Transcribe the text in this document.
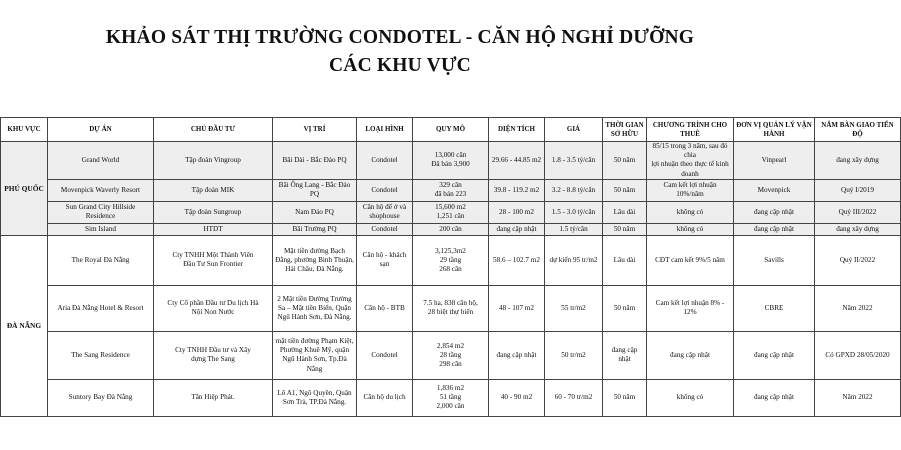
KHẢO SÁT THỊ TRƯỜNG CONDOTEL - CĂN HỘ NGHỈ DƯỠNG
CÁC KHU VỰC
KHU VỰC	DỰ ÁN	CHỦ ĐẦU TƯ	VỊ TRÍ	LOẠI HÌNH	QUY MÔ	DIỆN TÍCH	GIÁ	THỜI GIAN SỞ HỮU	CHƯƠNG TRÌNH CHO THUÊ	ĐƠN VỊ QUẢN LÝ VẬN HÀNH	NĂM BÀN GIAO TIẾN ĐỘ
PHÚ QUỐC	Grand World	Tập đoàn Vingroup	Bãi Dài - Bắc Đảo PQ	Condotel	13,000 căn
Đã bán 3,900	29.66 - 44.85 m2	1.8 - 3.5 tỷ/căn	50 năm	85/15 trong 3 năm, sau đó chia
lợi nhuận theo thực tế kinh doanh	Vinpearl	đang xây dựng
	Movenpick Waverly Resort	Tập đoàn MIK	Bãi Ông Lang - Bắc Đảo
PQ	Condotel	329 căn
đã bán 223	39.8 - 119.2 m2	3.2 - 8.8 tỷ/căn	50 năm	Cam kết lợi nhuận 10%/năm	Movenpick	Quý I/2019
	Sun Grand City Hillside
Residence	Tập đoàn Sungroup	Nam Đảo PQ	Căn hộ để ở và
shophouse	15,600 m2
1,251 căn	28 - 100 m2	1.5 - 3.0 tỷ/căn	Lâu dài	không có	đang cập nhật	Quý III/2022
	Sim Island	HTDT	Bãi Trường PQ	Condotel	200 căn	đang cập nhật	1.5 tỷ/căn	50 năm	không có	đang cập nhật	đang xây dựng
ĐÀ NẴNG	The Royal Đà Nẵng	Cty TNHH Một Thành Viên
Đầu Tư Sun Frontier	Mặt tiền đường Bạch
Đằng, phường Bình Thuận,
Hải Châu, Đà Nẵng.	Căn hộ - khách
sạn	3,125,3m2
29 tầng
268 căn	58.6 – 102.7 m2	dự kiến 95 tr/m2	Lâu dài	CĐT cam kết 9%/5 năm	Savills	Quý II/2022
	Aria Đà Nẵng Hotel & Resort	Cty Cổ phần Đầu tư Du lịch Hà
Nội Non Nước	2 Mặt tiền Đường Trường
Sa – Mặt tiền Biển, Quận
Ngũ Hành Sơn, Đà Nẵng.	Căn hộ - BTB	7.5 ha, 838 căn hộ,
28 biệt thự biển	48 - 107 m2	55 tr/m2	50 năm	Cam kết lợi nhuận 8% - 12%	CBRE	Năm 2022
	The Sang Residence	Cty TNHH Đầu tư và Xây
dựng The Sang	mặt tiền đường Phạm Kiệt,
Phường Khuê Mỹ, quận
Ngũ Hành Sơn, Tp.Đà
Nẵng	Condotel	2,854 m2
28 tầng
298 căn	đang cập nhật	50 tr/m2	đang cập nhật	đang cập nhật	đang cập nhật	Có GPXD 28/05/2020
	Suntory Bay Đà Nẵng	Tân Hiệp Phát.	Lô A1, Ngô Quyền, Quận
Sơn Trà, TP.Đà Nẵng.	Căn hộ du lịch	1,836 m2
51 tầng
2,000 căn	40 - 90 m2	60 - 70 tr/m2	50 năm	không có	đang cập nhật	Năm 2022
